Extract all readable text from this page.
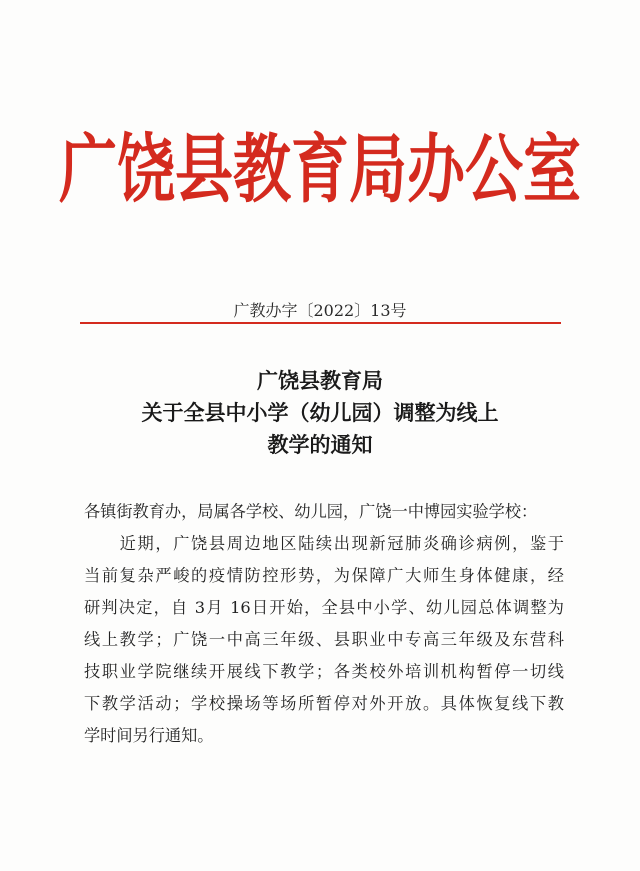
广饶县教育局办公室
广教办字〔2022〕13号
广饶县教育局
关于全县中小学（幼儿园）调整为线上
教学的通知
各镇街教育办，局属各学校、幼儿园，广饶一中博园实验学校：
　　近期，广饶县周边地区陆续出现新冠肺炎确诊病例，鉴于
当前复杂严峻的疫情防控形势，为保障广大师生身体健康，经
研判决定，自 3月 16日开始，全县中小学、幼儿园总体调整为
线上教学；广饶一中高三年级、县职业中专高三年级及东营科
技职业学院继续开展线下教学；各类校外培训机构暂停一切线
下教学活动；学校操场等场所暂停对外开放。具体恢复线下教
学时间另行通知。
